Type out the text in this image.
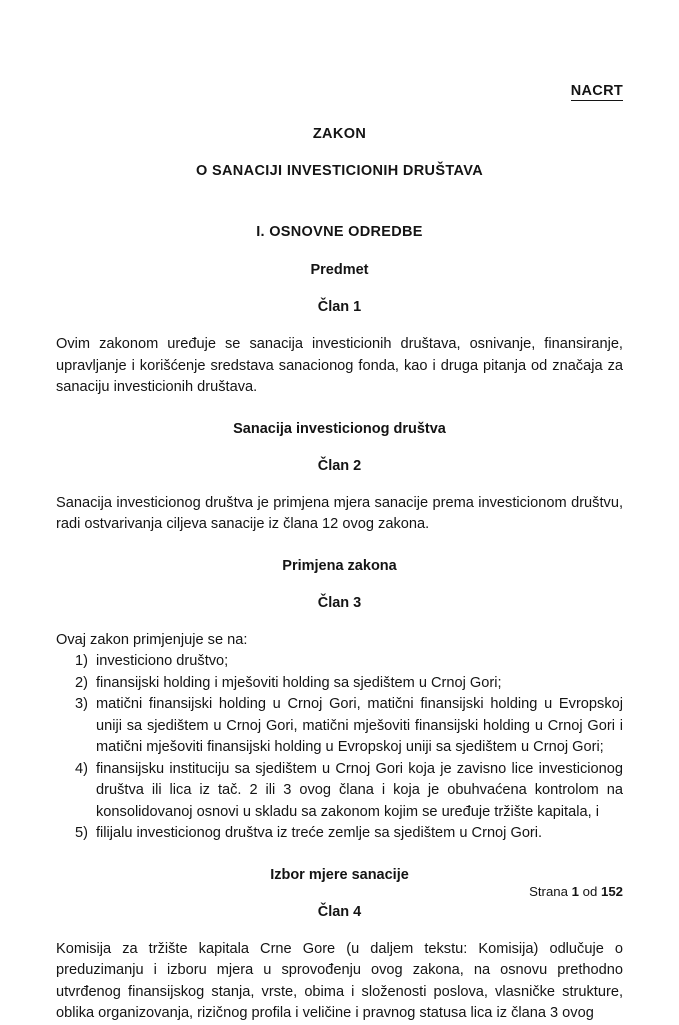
NACRT
ZAKON
O SANACIJI INVESTICIONIH DRUŠTAVA
I. OSNOVNE ODREDBE
Predmet
Član 1

Ovim zakonom uređuje se sanacija investicionih društava, osnivanje, finansiranje, upravljanje i korišćenje sredstava sanacionog fonda, kao i druga pitanja od značaja za sanaciju investicionih društava.

Sanacija investicionog društva
Član 2

Sanacija investicionog društva je primjena mjera sanacije prema investicionom društvu, radi ostvarivanja ciljeva sanacije iz člana 12 ovog zakona.

Primjena zakona
Član 3

Ovaj zakon primjenjuje se na:

1) investiciono društvo;
2) finansijski holding i mješoviti holding sa sjedištem u Crnoj Gori;
3) matični finansijski holding u Crnoj Gori, matični finansijski holding u Evropskoj uniji sa sjedištem u Crnoj Gori, matični mješoviti finansijski holding u Crnoj Gori i matični mješoviti finansijski holding u Evropskoj uniji sa sjedištem u Crnoj Gori;
4) finansijsku instituciju sa sjedištem u Crnoj Gori koja je zavisno lice investicionog društva ili lica iz tač. 2 ili 3 ovog člana i koja je obuhvaćena kontrolom na konsolidovanoj osnovi u skladu sa zakonom kojim se uređuje tržište kapitala, i
5) filijalu investicionog društva iz treće zemlje sa sjedištem u Crnoj Gori.
Izbor mjere sanacije
Član 4

Komisija za tržište kapitala Crne Gore (u daljem tekstu: Komisija) odlučuje o preduzimanju i izboru mjera u sprovođenju ovog zakona, na osnovu prethodno utvrđenog finansijskog stanja, vrste, obima i složenosti poslova, vlasničke strukture, oblika organizovanja, rizičnog profila i veličine i pravnog statusa lica iz člana 3 ovog

Strana 1 od 152
